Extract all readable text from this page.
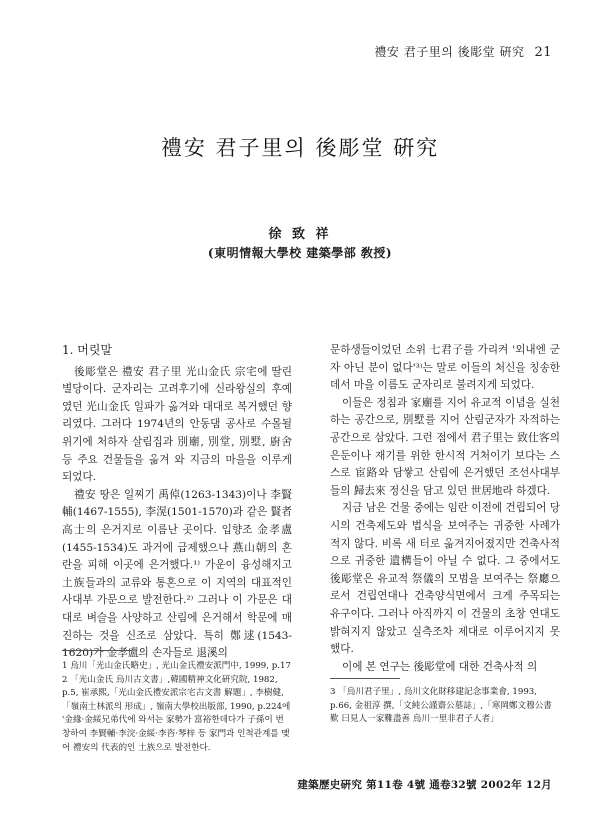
禮安 君子里의 後彫堂 硏究 21
禮安 君子里의 後彫堂 硏究
徐 致 祥
(東明情報大學校 建築學部 敎授)
1. 머릿말

後彫堂은 禮安 君子里 光山金氏 宗宅에 딸린 별당이다. 군자리는 고려후기에 신라왕실의 후예였던 光山金氏 일파가 옮겨와 대대로 복거했던 향리였다. 그러다 1974년의 안동댐 공사로 수몰될 위기에 처하자 살림집과 別廟, 別堂, 別墅, 廚舍 등 주요 건물들을 옮겨 와 지금의 마을을 이루게 되었다.

禮安 땅은 일찌기 禹倬(1263-1343)이나 李賢輔(1467-1555), 李滉(1501-1570)과 같은 賢者高士의 은거지로 이름난 곳이다. 입향조 金孝盧(1455-1534)도 과거에 급제했으나 燕山朝의 혼란을 피해 이곳에 은거했다.¹⁾ 가운이 융성해지고 土族들과의 교류와 통혼으로 이 지역의 대표적인 사대부 가문으로 발전한다.²⁾ 그러나 이 가문은 대대로 벼슬을 사양하고 산림에 은거해서 학문에 매진하는 것을 신조로 삼았다. 특히 鄭逑(1543-1620)가 金孝盧의 손자들로 退溪의

문하생들이었던 소위 七君子를 가리켜 '외내엔 군자 아닌 분이 없다'³⁾는 말로 이들의 처신을 칭송한 데서 마을 이름도 군자리로 불려지게 되었다.

이들은 정침과 家廟를 지어 유교적 이념을 실천하는 공간으로, 別墅를 지어 산림군자가 자적하는 공간으로 삼았다. 그런 점에서 君子里는 致仕客의 은둔이나 재기를 위한 한시적 거처이기 보다는 스스로 宦路와 담쌓고 산림에 은거했던 조선사대부들의 歸去來 정신을 담고 있던 世居地라 하겠다.

지금 남은 건물 중에는 임란 이전에 건립되어 당시의 건축제도와 법식을 보여주는 귀중한 사례가 적지 않다. 비록 새 터로 옮겨지어졌지만 건축사적으로 귀중한 遺構들이 아닐 수 없다. 그 중에서도 後彫堂은 유교적 祭儀의 모범을 보여주는 祭廳으로서 건립연대나 건축양식면에서 크게 주목되는 유구이다. 그러나 아직까지 이 건물의 초창 연대도 밝혀지지 않았고 실측조차 제대로 이루어지지 못했다.

이에 본 연구는 後彫堂에 대한 건축사적 의

1 烏川「光山金氏略史」, 光山金氏禮安派門中, 1999, p.17

2 「光山金氏 烏川古文書」,韓國精神文化硏究院, 1982, p.5, 崔承熙,「光山金氏禮安派宗宅古文書 解題」, 李樹健,「嶺南土林派의 形成」, 嶺南大學校出版部, 1990, p.224에 '金緣·金綏兄弟代에 와서는 家勢가 富裕한데다가 子孫이 번창하여 李賢輔·李浣·金綏·李咨·琴梓 등 家門과 인척관계를 맺어 禮安의 代表的인 土族으로 발전한다.

3 「烏川君子里」, 烏川文化財移建記念事業會, 1993, p.66, 金祖淳 撰,「文純公謹齋公墓誌」,「寒岡鄭文穆公書歎 曰見人一家難盡善 烏川一里非君子人者」

建築歷史硏究 第11卷 4號 通卷32號 2002年 12月
